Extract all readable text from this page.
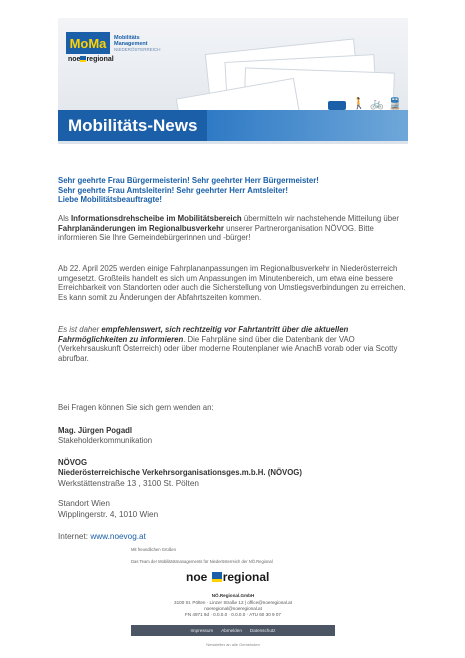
MoMa	Mobilitäts
Management
NIEDERÖSTERREICH
noe regional
🚶 🚲 🚆
Mobilitäts-News
Sehr geehrte Frau Bürgermeisterin! Sehr geehrter Herr Bürgermeister!
Sehr geehrte Frau Amtsleiterin! Sehr geehrter Herr Amtsleiter!
Liebe Mobilitätsbeauftragte!
Als Informationsdrehscheibe im Mobilitätsbereich übermitteln wir nachstehende Mitteilung über Fahrplanänderungen im Regionalbusverkehr unserer Partnerorganisation NÖVOG. Bitte informieren Sie Ihre Gemeindebürgerinnen und -bürger!
Ab 22. April 2025 werden einige Fahrplananpassungen im Regionalbusverkehr in Niederösterreich umgesetzt. Großteils handelt es sich um Anpassungen im Minutenbereich, um etwa eine bessere Erreichbarkeit von Standorten oder auch die Sicherstellung von Umstiegsverbindungen zu erreichen. Es kann somit zu Änderungen der Abfahrtszeiten kommen.
Es ist daher empfehlenswert, sich rechtzeitig vor Fahrtantritt über die aktuellen Fahrmöglichkeiten zu informieren. Die Fahrpläne sind über die Datenbank der VAO (Verkehrsauskunft Österreich) oder über moderne Routenplaner wie AnachB vorab oder via Scotty abrufbar.
Bei Fragen können Sie sich gern wenden an:
Mag. Jürgen Pogadl
Stakeholderkommunikation
NÖVOG
Niederösterreichische Verkehrsorganisationsges.m.b.H. (NÖVOG)
Werkstättenstraße 13 , 3100 St. Pölten
Standort Wien
Wipplingerstr. 4, 1010 Wien
Internet: www.noevog.at
Mit freundlichen Grüßen
Das Team der Mobilitätsmanagements für Niederösterreich der NÖ.Regional
noe regional
NÖ.Regional.GmbH
3100 St. Pölten · Linzer Straße 12 | office@noeregional.at
noeregional@noeregional.at
FN 4971 9d · 0.0.0.0 · 0.0.0.0 · ATU 60 30 9 07
Impressum Abmelden Datenschutz
Newsletter an alle Gemeinden
